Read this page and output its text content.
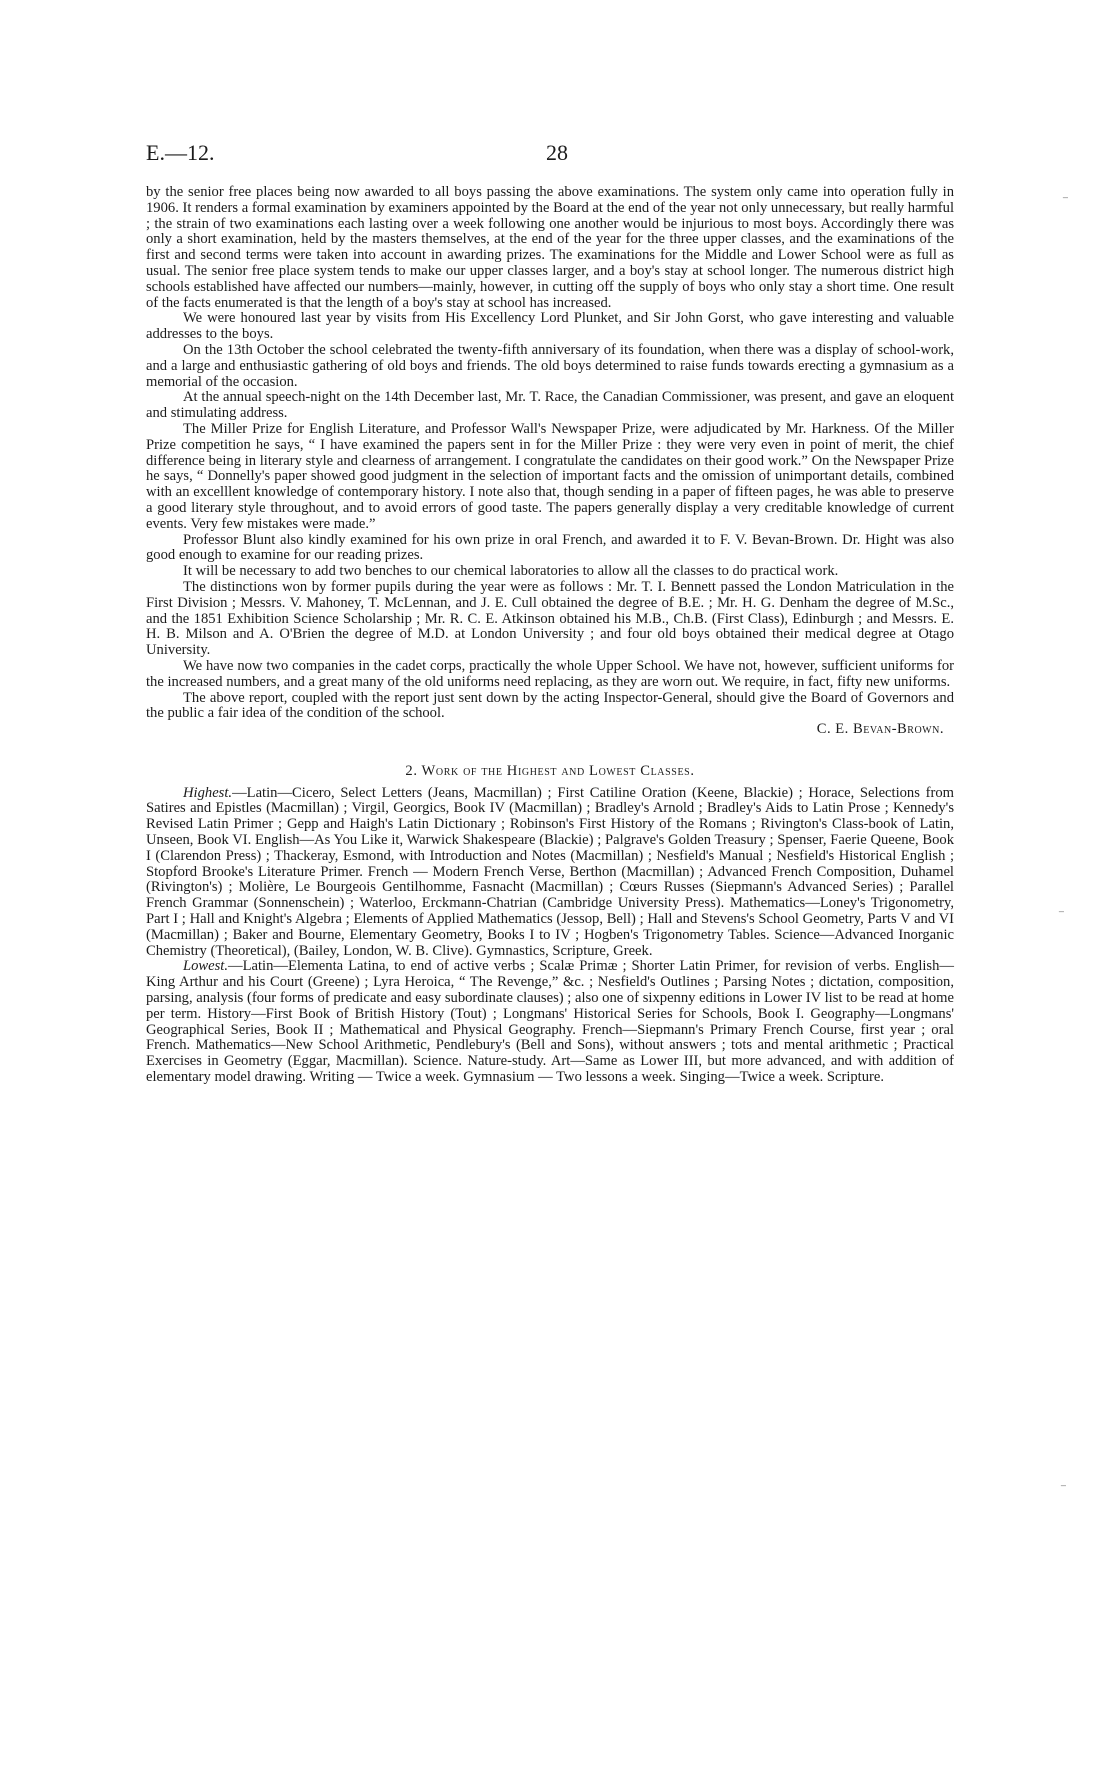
E.—12.	28

by the senior free places being now awarded to all boys passing the above examinations. The system only came into operation fully in 1906. It renders a formal examination by examiners appointed by the Board at the end of the year not only unnecessary, but really harmful ; the strain of two examinations each lasting over a week following one another would be injurious to most boys. Accordingly there was only a short examination, held by the masters themselves, at the end of the year for the three upper classes, and the examinations of the first and second terms were taken into account in awarding prizes. The examinations for the Middle and Lower School were as full as usual. The senior free place system tends to make our upper classes larger, and a boy's stay at school longer. The numerous district high schools established have affected our numbers—mainly, however, in cutting off the supply of boys who only stay a short time. One result of the facts enumerated is that the length of a boy's stay at school has increased.

We were honoured last year by visits from His Excellency Lord Plunket, and Sir John Gorst, who gave interesting and valuable addresses to the boys.

On the 13th October the school celebrated the twenty-fifth anniversary of its foundation, when there was a display of school-work, and a large and enthusiastic gathering of old boys and friends. The old boys determined to raise funds towards erecting a gymnasium as a memorial of the occasion.

At the annual speech-night on the 14th December last, Mr. T. Race, the Canadian Commissioner, was present, and gave an eloquent and stimulating address.

The Miller Prize for English Literature, and Professor Wall's Newspaper Prize, were adjudicated by Mr. Harkness. Of the Miller Prize competition he says, “ I have examined the papers sent in for the Miller Prize : they were very even in point of merit, the chief difference being in literary style and clearness of arrangement. I congratulate the candidates on their good work.” On the Newspaper Prize he says, “ Donnelly's paper showed good judgment in the selection of important facts and the omission of unimportant details, combined with an excelllent knowledge of contemporary history. I note also that, though sending in a paper of fifteen pages, he was able to preserve a good literary style throughout, and to avoid errors of good taste. The papers generally display a very creditable knowledge of current events. Very few mistakes were made.”

Professor Blunt also kindly examined for his own prize in oral French, and awarded it to F. V. Bevan-Brown. Dr. Hight was also good enough to examine for our reading prizes.

It will be necessary to add two benches to our chemical laboratories to allow all the classes to do practical work.

The distinctions won by former pupils during the year were as follows : Mr. T. I. Bennett passed the London Matriculation in the First Division ; Messrs. V. Mahoney, T. McLennan, and J. E. Cull obtained the degree of B.E. ; Mr. H. G. Denham the degree of M.Sc., and the 1851 Exhibition Science Scholarship ; Mr. R. C. E. Atkinson obtained his M.B., Ch.B. (First Class), Edinburgh ; and Messrs. E. H. B. Milson and A. O'Brien the degree of M.D. at London University ; and four old boys obtained their medical degree at Otago University.

We have now two companies in the cadet corps, practically the whole Upper School. We have not, however, sufficient uniforms for the increased numbers, and a great many of the old uniforms need replacing, as they are worn out. We require, in fact, fifty new uniforms.

The above report, coupled with the report just sent down by the acting Inspector-General, should give the Board of Governors and the public a fair idea of the condition of the school.

C. E. Bevan-Brown.

2. Work of the Highest and Lowest Classes.

Highest.—Latin—Cicero, Select Letters (Jeans, Macmillan) ; First Catiline Oration (Keene, Blackie) ; Horace, Selections from Satires and Epistles (Macmillan) ; Virgil, Georgics, Book IV (Macmillan) ; Bradley's Arnold ; Bradley's Aids to Latin Prose ; Kennedy's Revised Latin Primer ; Gepp and Haigh's Latin Dictionary ; Robinson's First History of the Romans ; Rivington's Class-book of Latin, Unseen, Book VI. English—As You Like it, Warwick Shakespeare (Blackie) ; Palgrave's Golden Treasury ; Spenser, Faerie Queene, Book I (Clarendon Press) ; Thackeray, Esmond, with Introduction and Notes (Macmillan) ; Nesfield's Manual ; Nesfield's Historical English ; Stopford Brooke's Literature Primer. French — Modern French Verse, Berthon (Macmillan) ; Advanced French Composition, Duhamel (Rivington's) ; Molière, Le Bourgeois Gentilhomme, Fasnacht (Macmillan) ; Cœurs Russes (Siepmann's Advanced Series) ; Parallel French Grammar (Sonnenschein) ; Waterloo, Erckmann-Chatrian (Cambridge University Press). Mathematics—Loney's Trigonometry, Part I ; Hall and Knight's Algebra ; Elements of Applied Mathematics (Jessop, Bell) ; Hall and Stevens's School Geometry, Parts V and VI (Macmillan) ; Baker and Bourne, Elementary Geometry, Books I to IV ; Hogben's Trigonometry Tables. Science—Advanced Inorganic Chemistry (Theoretical), (Bailey, London, W. B. Clive). Gymnastics, Scripture, Greek.

Lowest.—Latin—Elementa Latina, to end of active verbs ; Scalæ Primæ ; Shorter Latin Primer, for revision of verbs. English—King Arthur and his Court (Greene) ; Lyra Heroica, “ The Revenge,” &c. ; Nesfield's Outlines ; Parsing Notes ; dictation, composition, parsing, analysis (four forms of predicate and easy subordinate clauses) ; also one of sixpenny editions in Lower IV list to be read at home per term. History—First Book of British History (Tout) ; Longmans' Historical Series for Schools, Book I. Geography—Longmans' Geographical Series, Book II ; Mathematical and Physical Geography. French—Siepmann's Primary French Course, first year ; oral French. Mathematics—New School Arithmetic, Pendlebury's (Bell and Sons), without answers ; tots and mental arithmetic ; Practical Exercises in Geometry (Eggar, Macmillan). Science. Nature-study. Art—Same as Lower III, but more advanced, and with addition of elementary model drawing. Writing — Twice a week. Gymnasium — Two lessons a week. Singing—Twice a week. Scripture.

⁻
⁻
⁻
